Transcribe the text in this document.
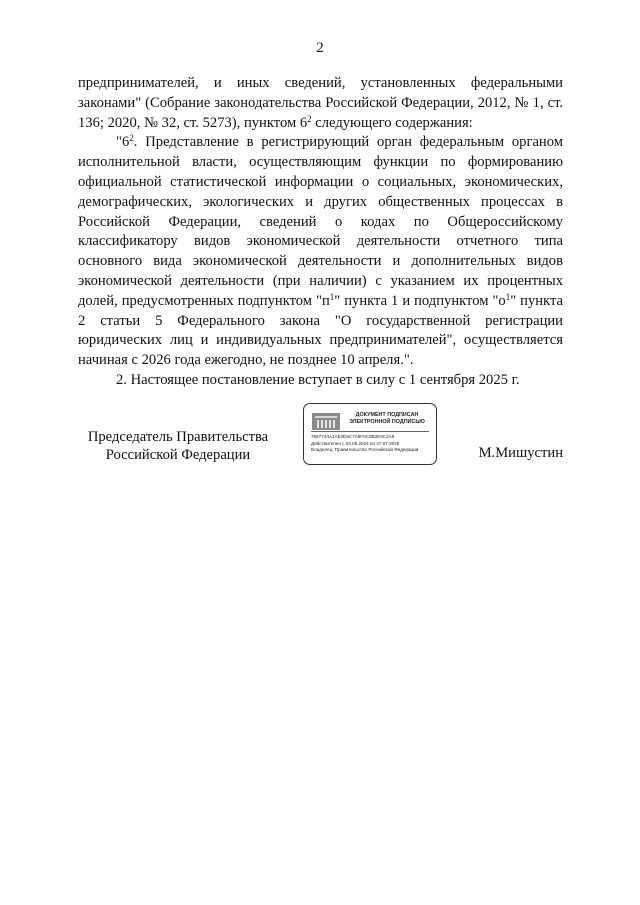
2

предпринимателей, и иных сведений, установленных федеральными законами" (Собрание законодательства Российской Федерации, 2012, № 1, ст. 136; 2020, № 32, ст. 5273), пунктом $6^2$ следующего содержания:

"$6^2$. Представление в регистрирующий орган федеральным органом исполнительной власти, осуществляющим функции по формированию официальной статистической информации о социальных, экономических, демографических, экологических и других общественных процессах в Российской Федерации, сведений о кодах по Общероссийскому классификатору видов экономической деятельности отчетного типа основного вида экономической деятельности и дополнительных видов экономической деятельности (при наличии) с указанием их процентных долей, предусмотренных подпунктом "$п^1$" пункта 1 и подпунктом "$о^1$" пункта 2 статьи 5 Федерального закона "О государственной регистрации юридических лиц и индивидуальных предпринимателей", осуществляется начиная с 2026 года ежегодно, не позднее 10 апреля.".

2. Настоящее постановление вступает в силу с 1 сентября 2025 г.

Председатель Правительства
Российской Федерации
ДОКУМЕНТ ПОДПИСАН
ЭЛЕКТРОННОЙ ПОДПИСЬЮ
7667744A2AE3E9C7A8F0C5B2E5C2A6
Действителен с 03.05.2024 по 27.07.2025
Владелец: Правительство Российской Федерации	М.Мишустин
